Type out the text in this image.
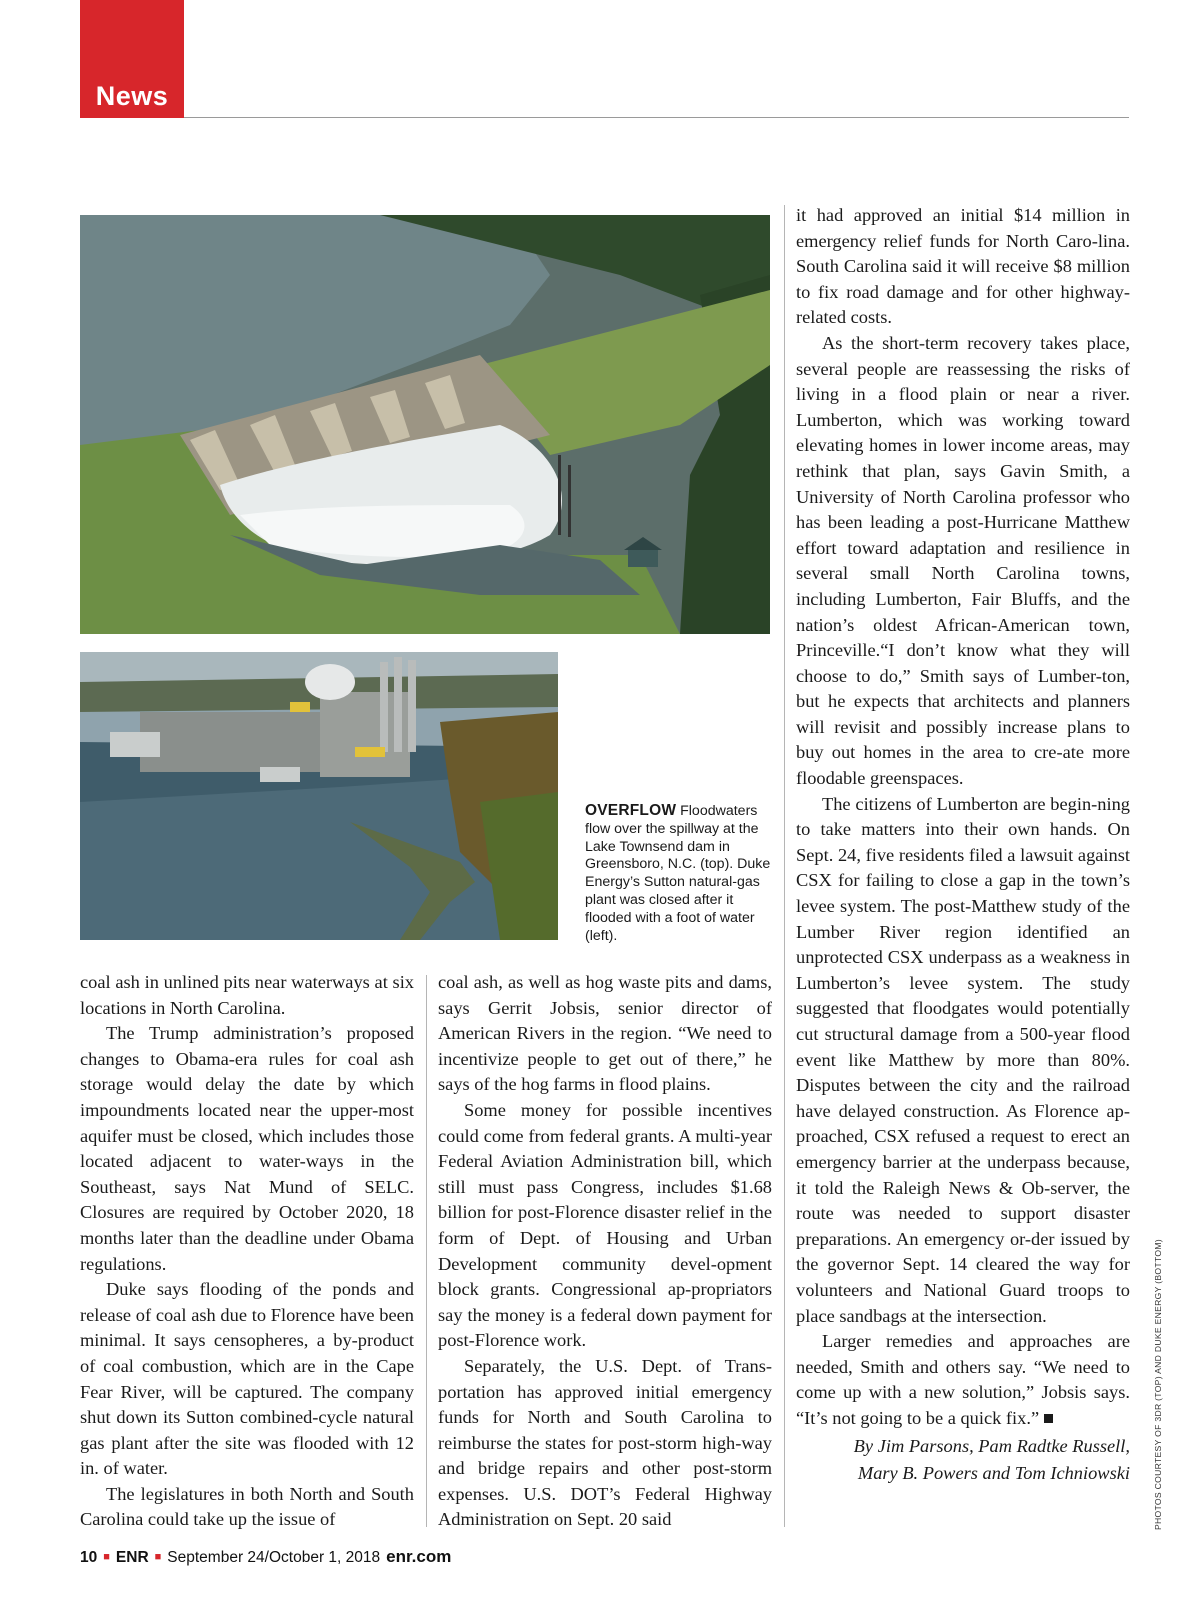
News
OVERFLOW Floodwaters flow over the spillway at the Lake Townsend dam in Greensboro, N.C. (top). Duke Energy’s Sutton natural-gas plant was closed after it flooded with a foot of water (left).

coal ash in unlined pits near waterways at six locations in North Carolina.

The Trump administration’s proposed changes to Obama-era rules for coal ash storage would delay the date by which impoundments located near the upper-most aquifer must be closed, which includes those located adjacent to water-ways in the Southeast, says Nat Mund of SELC. Closures are required by October 2020, 18 months later than the deadline under Obama regulations.

Duke says flooding of the ponds and release of coal ash due to Florence have been minimal. It says censopheres, a by-product of coal combustion, which are in the Cape Fear River, will be captured. The company shut down its Sutton combined-cycle natural gas plant after the site was flooded with 12 in. of water.

The legislatures in both North and South Carolina could take up the issue of

coal ash, as well as hog waste pits and dams, says Gerrit Jobsis, senior director of American Rivers in the region. “We need to incentivize people to get out of there,” he says of the hog farms in flood plains.

Some money for possible incentives could come from federal grants. A multi-year Federal Aviation Administration bill, which still must pass Congress, includes $1.68 billion for post-Florence disaster relief in the form of Dept. of Housing and Urban Development community devel-opment block grants. Congressional ap-propriators say the money is a federal down payment for post-Florence work.

Separately, the U.S. Dept. of Trans-portation has approved initial emergency funds for North and South Carolina to reimburse the states for post-storm high-way and bridge repairs and other post-storm expenses. U.S. DOT’s Federal Highway Administration on Sept. 20 said

it had approved an initial $14 million in emergency relief funds for North Caro-lina. South Carolina said it will receive $8 million to fix road damage and for other highway-related costs.

As the short-term recovery takes place, several people are reassessing the risks of living in a flood plain or near a river. Lumberton, which was working toward elevating homes in lower income areas, may rethink that plan, says Gavin Smith, a University of North Carolina professor who has been leading a post-Hurricane Matthew effort toward adaptation and resilience in several small North Carolina towns, including Lumberton, Fair Bluffs, and the nation’s oldest African-American town, Princeville.“I don’t know what they will choose to do,” Smith says of Lumber-ton, but he expects that architects and planners will revisit and possibly increase plans to buy out homes in the area to cre-ate more floodable greenspaces.

The citizens of Lumberton are begin-ning to take matters into their own hands. On Sept. 24, five residents filed a lawsuit against CSX for failing to close a gap in the town’s levee system. The post-Matthew study of the Lumber River region identified an unprotected CSX underpass as a weakness in Lumberton’s levee system. The study suggested that floodgates would potentially cut structural damage from a 500-year flood event like Matthew by more than 80%. Disputes between the city and the railroad have delayed construction. As Florence ap-proached, CSX refused a request to erect an emergency barrier at the underpass because, it told the Raleigh News & Ob-server, the route was needed to support disaster preparations. An emergency or-der issued by the governor Sept. 14 cleared the way for volunteers and National Guard troops to place sandbags at the intersection.

Larger remedies and approaches are needed, Smith and others say. “We need to come up with a new solution,” Jobsis says. “It’s not going to be a quick fix.”

By Jim Parsons, Pam Radtke Russell,

Mary B. Powers and Tom Ichniowski	PHOTOS COURTESY OF 3DR (TOP) AND DUKE ENERGY (BOTTOM)
10 ■ ENR ■ September 24/October 1, 2018 enr.com
